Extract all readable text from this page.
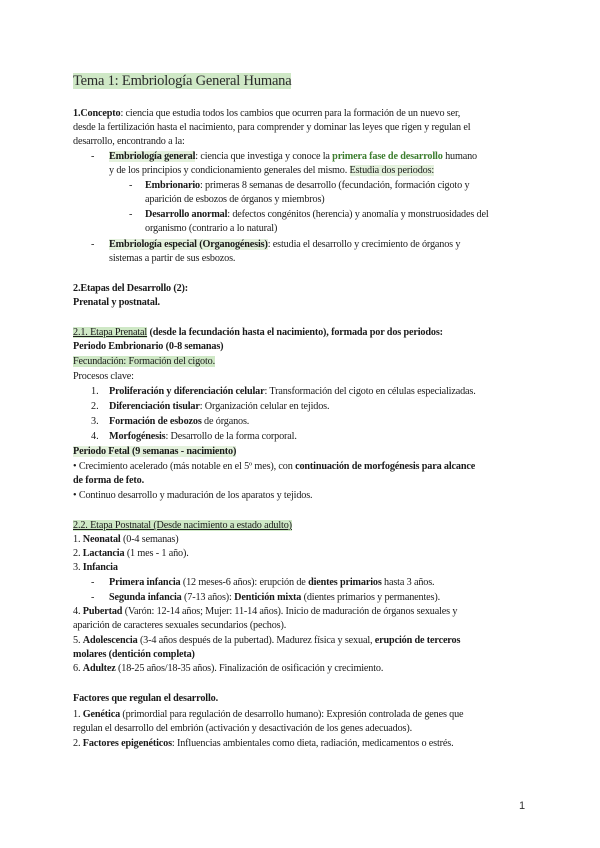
Tema 1: Embriología General Humana
1.Concepto: ciencia que estudia todos los cambios que ocurren para la formación de un nuevo ser,
desde la fertilización hasta el nacimiento, para comprender y dominar las leyes que rigen y regulan el
desarrollo, encontrando a la:
- Embriología general: ciencia que investiga y conoce la primera fase de desarrollo humano
y de los principios y condicionamiento generales del mismo. Estudia dos periodos:
- Embrionario: primeras 8 semanas de desarrollo (fecundación, formación cigoto y
aparición de esbozos de órganos y miembros)
- Desarrollo anormal: defectos congénitos (herencia) y anomalía y monstruosidades del
organismo (contrario a lo natural)
- Embriología especial (Organogénesis): estudia el desarrollo y crecimiento de órganos y
sistemas a partir de sus esbozos.
2.Etapas del Desarrollo (2):
Prenatal y postnatal.
2.1. Etapa Prenatal (desde la fecundación hasta el nacimiento), formada por dos periodos:
Periodo Embrionario (0-8 semanas)
Fecundación: Formación del cigoto.
Procesos clave:
1. Proliferación y diferenciación celular: Transformación del cigoto en células especializadas.
2. Diferenciación tisular: Organización celular en tejidos.
3. Formación de esbozos de órganos.
4. Morfogénesis: Desarrollo de la forma corporal.
Periodo Fetal (9 semanas - nacimiento)
• Crecimiento acelerado (más notable en el 5º mes), con continuación de morfogénesis para alcance
de forma de feto.
• Continuo desarrollo y maduración de los aparatos y tejidos.
2.2. Etapa Postnatal (Desde nacimiento a estado adulto)
1. Neonatal (0-4 semanas)
2. Lactancia (1 mes - 1 año).
3. Infancia
- Primera infancia (12 meses-6 años): erupción de dientes primarios hasta 3 años.
- Segunda infancia (7-13 años): Dentición mixta (dientes primarios y permanentes).
4. Pubertad (Varón: 12-14 años; Mujer: 11-14 años). Inicio de maduración de órganos sexuales y
aparición de caracteres sexuales secundarios (pechos).
5. Adolescencia (3-4 años después de la pubertad). Madurez física y sexual, erupción de terceros
molares (dentición completa)
6. Adultez (18-25 años/18-35 años). Finalización de osificación y crecimiento.
Factores que regulan el desarrollo.
1. Genética (primordial para regulación de desarrollo humano): Expresión controlada de genes que
regulan el desarrollo del embrión (activación y desactivación de los genes adecuados).
2. Factores epigenéticos: Influencias ambientales como dieta, radiación, medicamentos o estrés.
1
